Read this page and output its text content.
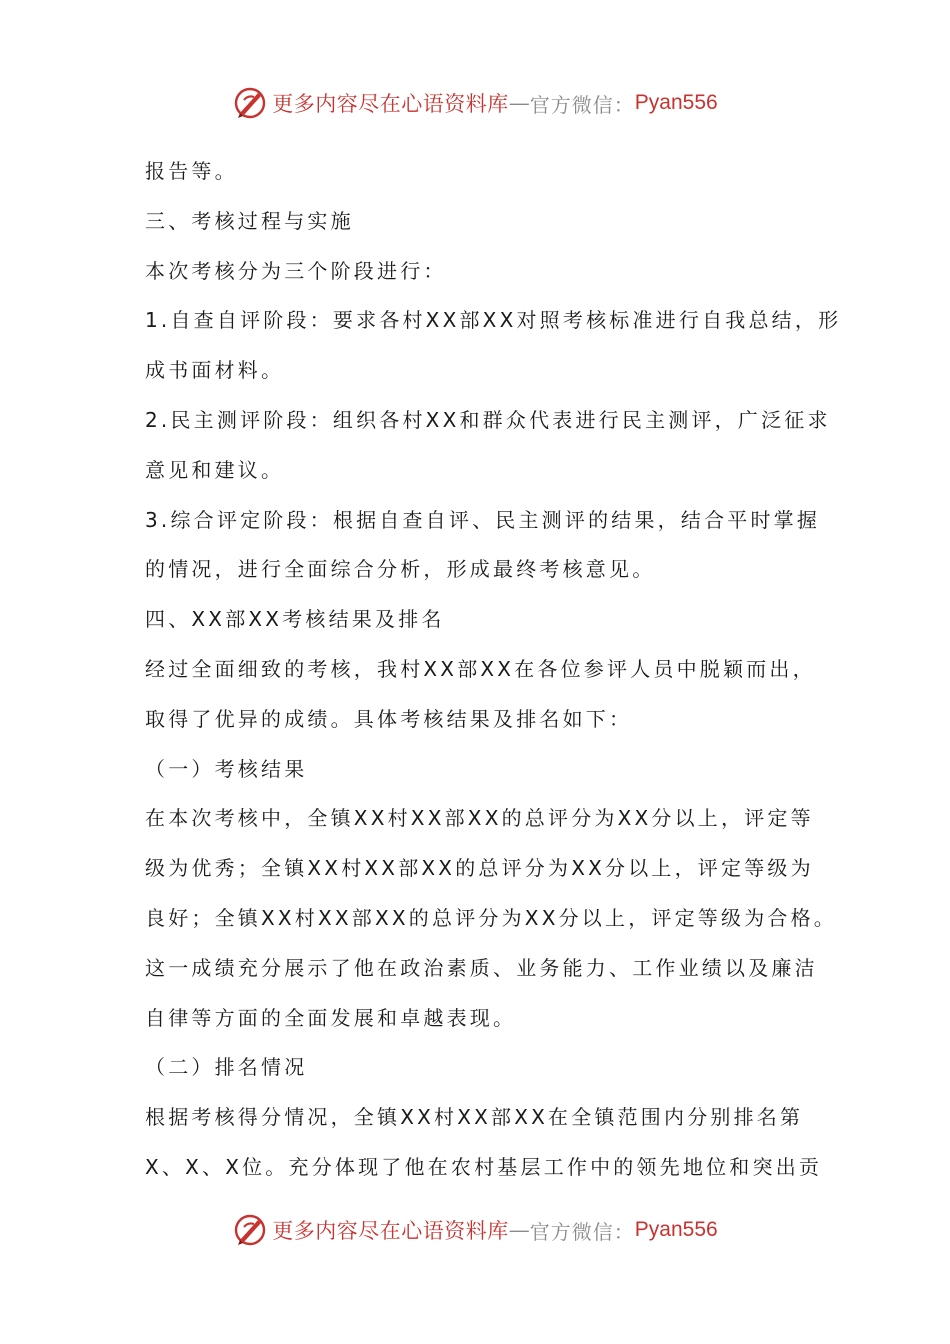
更多内容尽在心语资料库 — 官方微信： Pyan556
报告等。
三、考核过程与实施
本次考核分为三个阶段进行：
1.自查自评阶段：要求各村XX部XX对照考核标准进行自我总结，形
成书面材料。
2.民主测评阶段：组织各村XX和群众代表进行民主测评，广泛征求
意见和建议。
3.综合评定阶段：根据自查自评、民主测评的结果，结合平时掌握
的情况，进行全面综合分析，形成最终考核意见。
四、XX部XX考核结果及排名
经过全面细致的考核，我村XX部XX在各位参评人员中脱颖而出，
取得了优异的成绩。具体考核结果及排名如下：
（一）考核结果
在本次考核中，全镇XX村XX部XX的总评分为XX分以上，评定等
级为优秀；全镇XX村XX部XX的总评分为XX分以上，评定等级为
良好；全镇XX村XX部XX的总评分为XX分以上，评定等级为合格。
这一成绩充分展示了他在政治素质、业务能力、工作业绩以及廉洁
自律等方面的全面发展和卓越表现。
（二）排名情况
根据考核得分情况，全镇XX村XX部XX在全镇范围内分别排名第
X、X、X位。充分体现了他在农村基层工作中的领先地位和突出贡
更多内容尽在心语资料库 — 官方微信： Pyan556
